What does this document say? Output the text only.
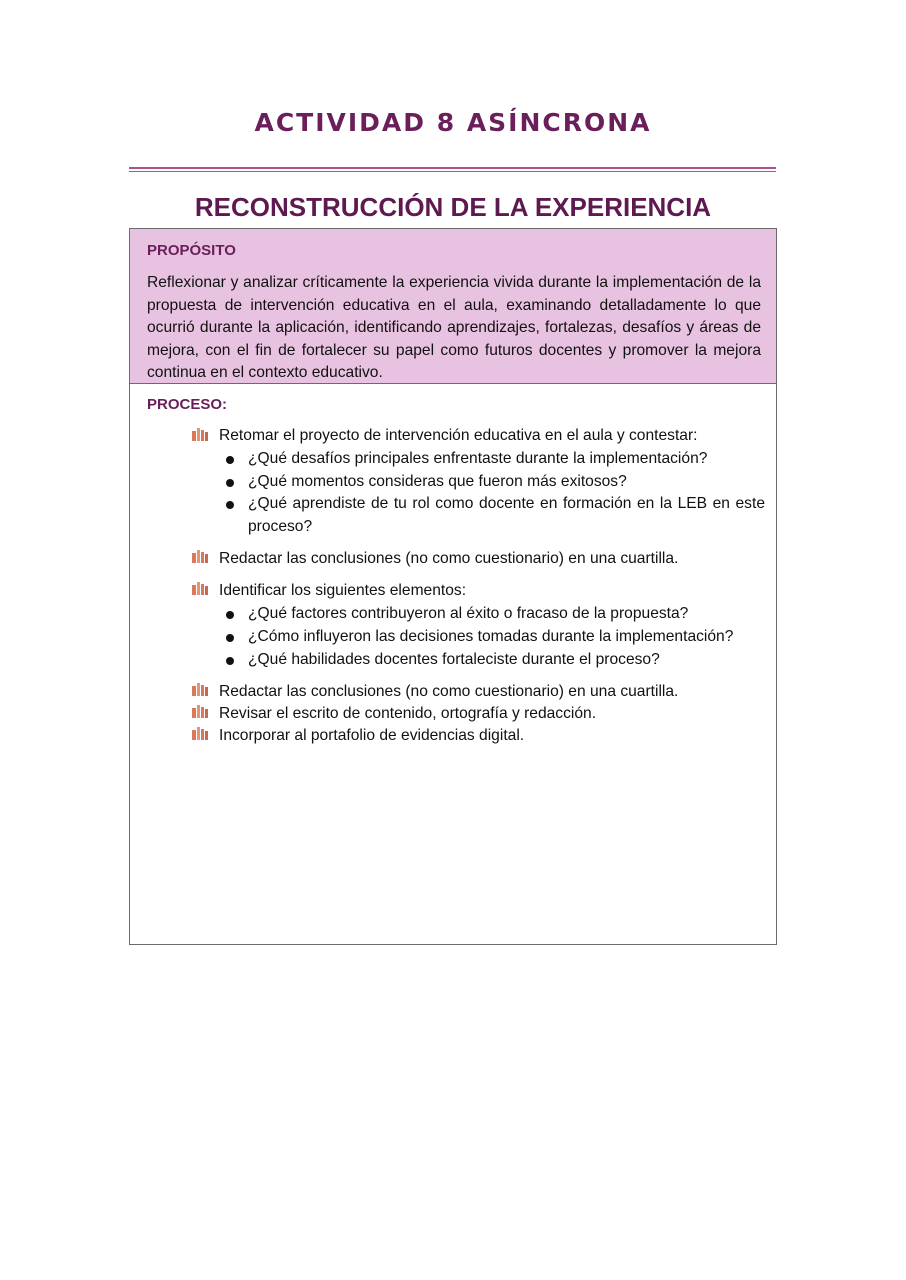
ACTIVIDAD 8 ASÍNCRONA
RECONSTRUCCIÓN DE LA EXPERIENCIA
PROPÓSITO
Reflexionar y analizar críticamente la experiencia vivida durante la implementación de la propuesta de intervención educativa en el aula, examinando detalladamente lo que ocurrió durante la aplicación, identificando aprendizajes, fortalezas, desafíos y áreas de mejora, con el fin de fortalecer su papel como futuros docentes y promover la mejora continua en el contexto educativo.
PROCESO:
Retomar el proyecto de intervención educativa en el aula y contestar:
¿Qué desafíos principales enfrentaste durante la implementación?
¿Qué momentos consideras que fueron más exitosos?
¿Qué aprendiste de tu rol como docente en formación en la LEB en este proceso?
Redactar las conclusiones (no como cuestionario) en una cuartilla.
Identificar los siguientes elementos:
¿Qué factores contribuyeron al éxito o fracaso de la propuesta?
¿Cómo influyeron las decisiones tomadas durante la implementación?
¿Qué habilidades docentes fortaleciste durante el proceso?
Redactar las conclusiones (no como cuestionario) en una cuartilla.
Revisar el escrito de contenido, ortografía y redacción.
Incorporar al portafolio de evidencias digital.
